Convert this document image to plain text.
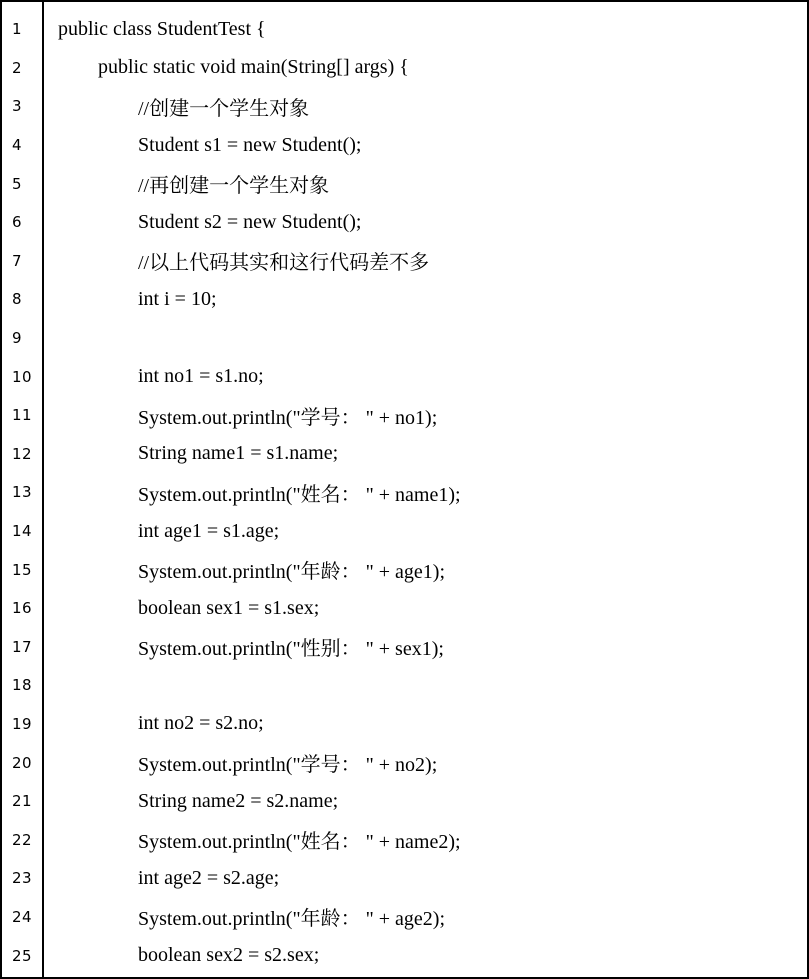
1	public class StudentTest {
2	public static void main(String[] args) {
3	//创建一个学生对象
4	Student s1 = new Student();
5	//再创建一个学生对象
6	Student s2 = new Student();
7	//以上代码其实和这行代码差不多
8	int i = 10;
9
10	int no1 = s1.no;
11	System.out.println("学号： " + no1);
12	String name1 = s1.name;
13	System.out.println("姓名： " + name1);
14	int age1 = s1.age;
15	System.out.println("年龄： " + age1);
16	boolean sex1 = s1.sex;
17	System.out.println("性别： " + sex1);
18
19	int no2 = s2.no;
20	System.out.println("学号： " + no2);
21	String name2 = s2.name;
22	System.out.println("姓名： " + name2);
23	int age2 = s2.age;
24	System.out.println("年龄： " + age2);
25	boolean sex2 = s2.sex;
